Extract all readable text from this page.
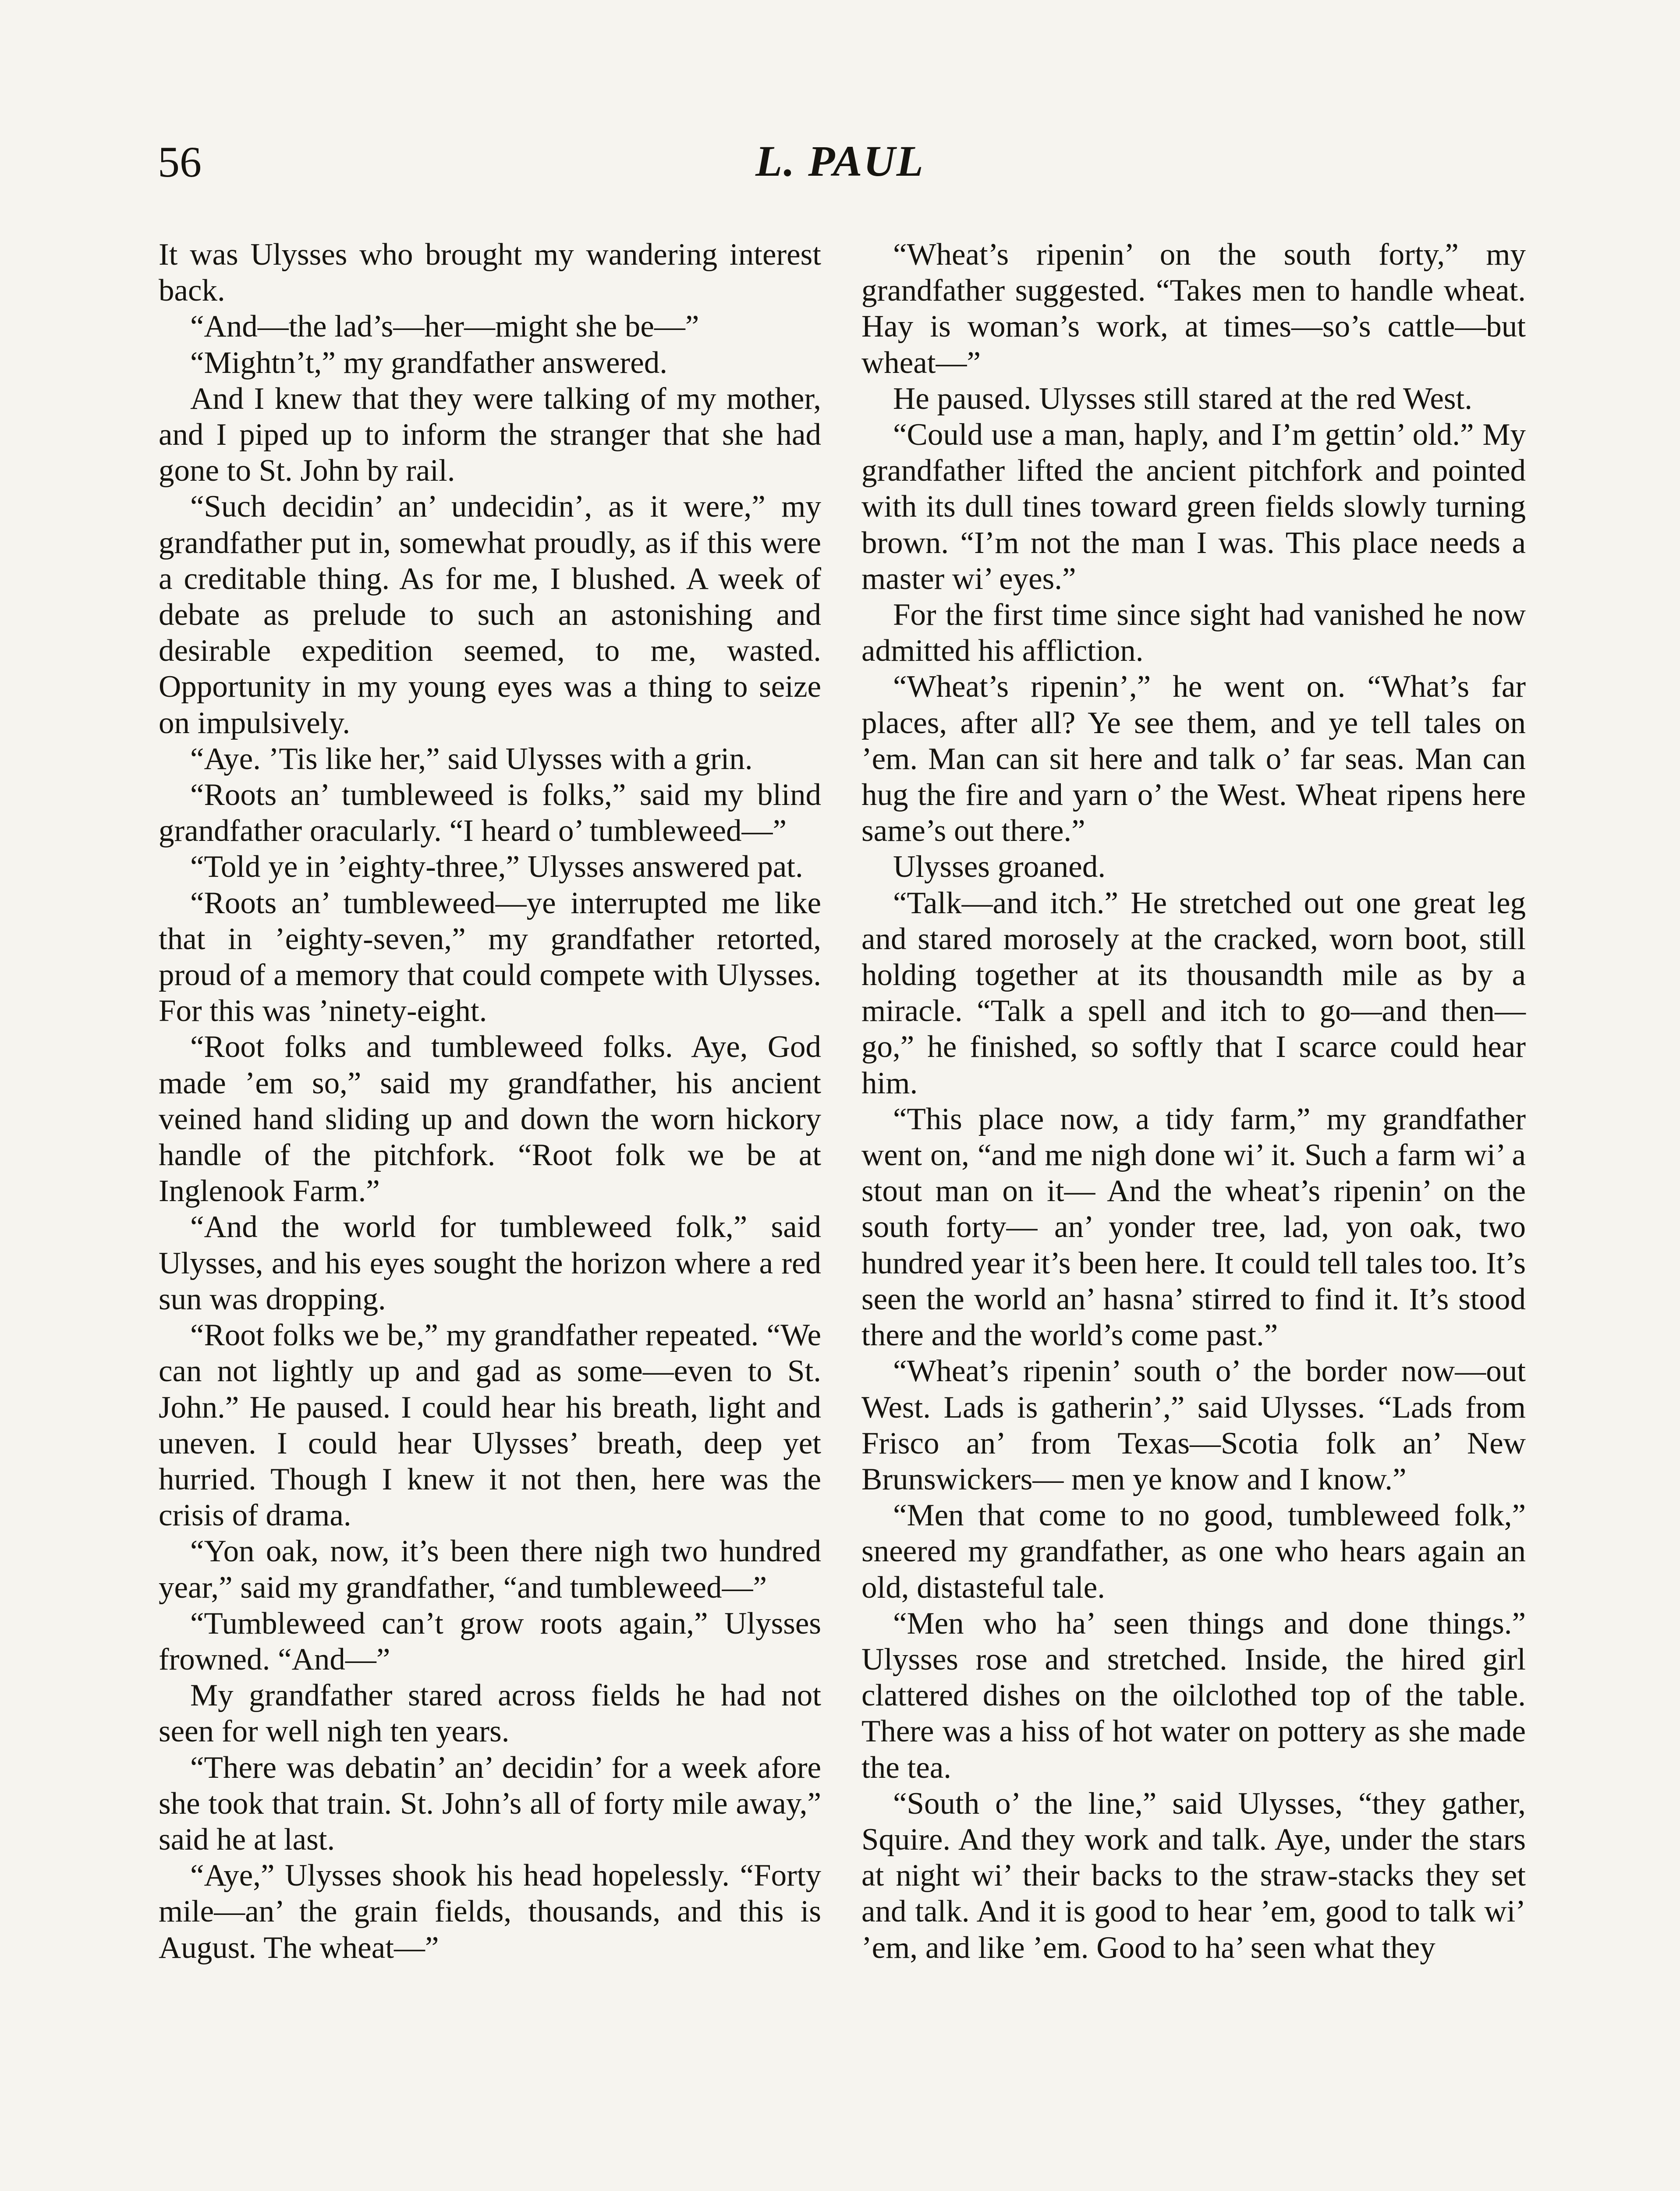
56	L. PAUL

It was Ulysses who brought my wandering interest back.

“And—the lad’s—her—might she be—”

“Mightn’t,” my grandfather answered.

And I knew that they were talking of my mother, and I piped up to inform the stranger that she had gone to St. John by rail.

“Such decidin’ an’ undecidin’, as it were,” my grandfather put in, somewhat proudly, as if this were a creditable thing. As for me, I blushed. A week of debate as prelude to such an astonishing and desirable expedition seemed, to me, wasted. Opportunity in my young eyes was a thing to seize on impulsively.

“Aye. ’Tis like her,” said Ulysses with a grin.

“Roots an’ tumbleweed is folks,” said my blind grandfather oracularly. “I heard o’ tumbleweed—”

“Told ye in ’eighty-three,” Ulysses answered pat.

“Roots an’ tumbleweed—ye interrupted me like that in ’eighty-seven,” my grandfather retorted, proud of a memory that could compete with Ulysses. For this was ’ninety-eight.

“Root folks and tumbleweed folks. Aye, God made ’em so,” said my grandfather, his ancient veined hand sliding up and down the worn hickory handle of the pitchfork. “Root folk we be at Inglenook Farm.”

“And the world for tumbleweed folk,” said Ulysses, and his eyes sought the horizon where a red sun was dropping.

“Root folks we be,” my grandfather repeated. “We can not lightly up and gad as some—even to St. John.” He paused. I could hear his breath, light and uneven. I could hear Ulysses’ breath, deep yet hurried. Though I knew it not then, here was the crisis of drama.

“Yon oak, now, it’s been there nigh two hundred year,” said my grandfather, “and tumbleweed—”

“Tumbleweed can’t grow roots again,” Ulysses frowned. “And—”

My grandfather stared across fields he had not seen for well nigh ten years.

“There was debatin’ an’ decidin’ for a week afore she took that train. St. John’s all of forty mile away,” said he at last.

“Aye,” Ulysses shook his head hopelessly. “Forty mile—an’ the grain fields, thousands, and this is August. The wheat—”

“Wheat’s ripenin’ on the south forty,” my grandfather suggested. “Takes men to handle wheat. Hay is woman’s work, at times—so’s cattle—but wheat—”

He paused. Ulysses still stared at the red West.

“Could use a man, haply, and I’m gettin’ old.” My grandfather lifted the ancient pitchfork and pointed with its dull tines toward green fields slowly turning brown. “I’m not the man I was. This place needs a master wi’ eyes.”

For the first time since sight had vanished he now admitted his affliction.

“Wheat’s ripenin’,” he went on. “What’s far places, after all? Ye see them, and ye tell tales on ’em. Man can sit here and talk o’ far seas. Man can hug the fire and yarn o’ the West. Wheat ripens here same’s out there.”

Ulysses groaned.

“Talk—and itch.” He stretched out one great leg and stared morosely at the cracked, worn boot, still holding together at its thousandth mile as by a miracle. “Talk a spell and itch to go—and then—go,” he finished, so softly that I scarce could hear him.

“This place now, a tidy farm,” my grandfather went on, “and me nigh done wi’ it. Such a farm wi’ a stout man on it— And the wheat’s ripenin’ on the south forty— an’ yonder tree, lad, yon oak, two hundred year it’s been here. It could tell tales too. It’s seen the world an’ hasna’ stirred to find it. It’s stood there and the world’s come past.”

“Wheat’s ripenin’ south o’ the border now—out West. Lads is gatherin’,” said Ulysses. “Lads from Frisco an’ from Texas—Scotia folk an’ New Brunswickers— men ye know and I know.”

“Men that come to no good, tumbleweed folk,” sneered my grandfather, as one who hears again an old, distasteful tale.

“Men who ha’ seen things and done things.” Ulysses rose and stretched. Inside, the hired girl clattered dishes on the oilclothed top of the table. There was a hiss of hot water on pottery as she made the tea.

“South o’ the line,” said Ulysses, “they gather, Squire. And they work and talk. Aye, under the stars at night wi’ their backs to the straw-stacks they set and talk. And it is good to hear ’em, good to talk wi’ ’em, and like ’em. Good to ha’ seen what they
